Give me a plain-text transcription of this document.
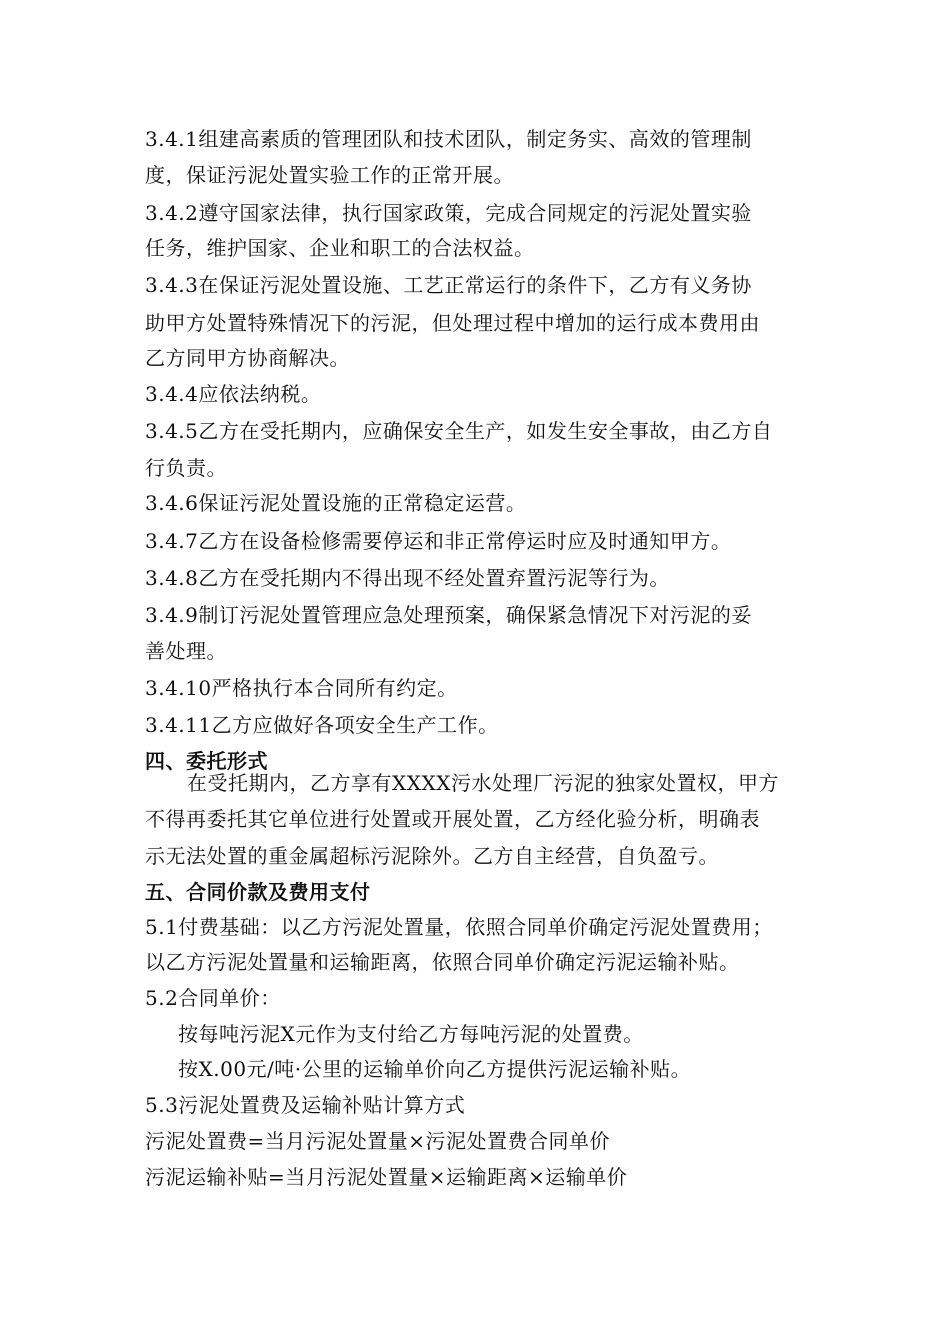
3.4.1组建高素质的管理团队和技术团队，制定务实、高效的管理制
度，保证污泥处置实验工作的正常开展。
3.4.2遵守国家法律，执行国家政策，完成合同规定的污泥处置实验
任务，维护国家、企业和职工的合法权益。
3.4.3在保证污泥处置设施、工艺正常运行的条件下，乙方有义务协
助甲方处置特殊情况下的污泥，但处理过程中增加的运行成本费用由
乙方同甲方协商解决。
3.4.4应依法纳税。
3.4.5乙方在受托期内，应确保安全生产，如发生安全事故，由乙方自
行负责。
3.4.6保证污泥处置设施的正常稳定运营。
3.4.7乙方在设备检修需要停运和非正常停运时应及时通知甲方。
3.4.8乙方在受托期内不得出现不经处置弃置污泥等行为。
3.4.9制订污泥处置管理应急处理预案，确保紧急情况下对污泥的妥
善处理。
3.4.10严格执行本合同所有约定。
3.4.11乙方应做好各项安全生产工作。
四、委托形式
在受托期内，乙方享有XXXX污水处理厂污泥的独家处置权，甲方
不得再委托其它单位进行处置或开展处置，乙方经化验分析，明确表
示无法处置的重金属超标污泥除外。乙方自主经营，自负盈亏。
五、合同价款及费用支付
5.1付费基础：以乙方污泥处置量，依照合同单价确定污泥处置费用；
以乙方污泥处置量和运输距离，依照合同单价确定污泥运输补贴。
5.2合同单价：
按每吨污泥X元作为支付给乙方每吨污泥的处置费。
按X.00元/吨·公里的运输单价向乙方提供污泥运输补贴。
5.3污泥处置费及运输补贴计算方式
污泥处置费=当月污泥处置量×污泥处置费合同单价
污泥运输补贴=当月污泥处置量×运输距离×运输单价
